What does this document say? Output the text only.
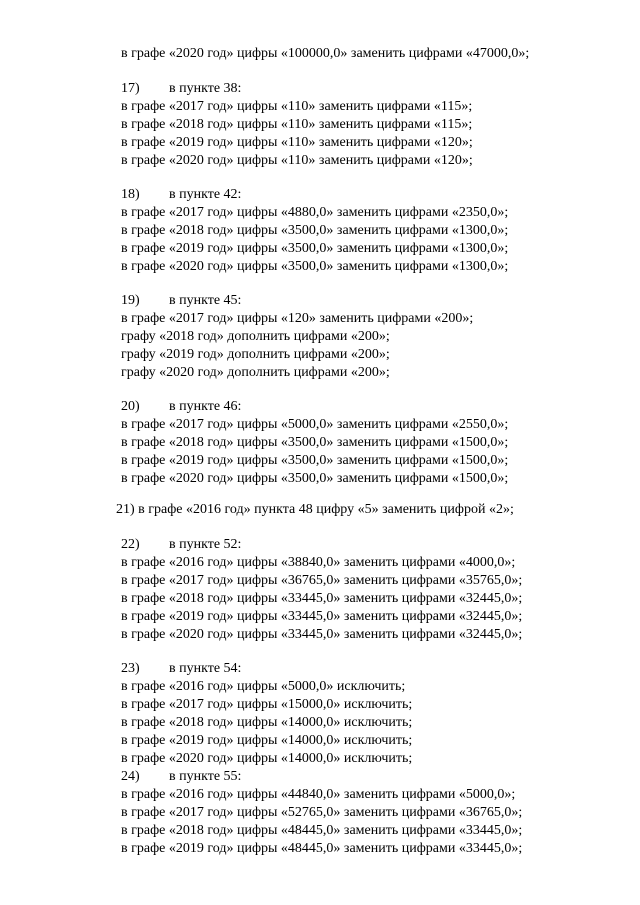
в графе «2020 год» цифры «100000,0» заменить цифрами «47000,0»;
17) в пункте 38:
в графе «2017 год» цифры «110» заменить цифрами «115»;
в графе «2018 год» цифры «110» заменить цифрами «115»;
в графе «2019 год» цифры «110» заменить цифрами «120»;
в графе «2020 год» цифры «110» заменить цифрами «120»;
18) в пункте 42:
в графе «2017 год» цифры «4880,0» заменить цифрами «2350,0»;
в графе «2018 год» цифры «3500,0» заменить цифрами «1300,0»;
в графе «2019 год» цифры «3500,0» заменить цифрами «1300,0»;
в графе «2020 год» цифры «3500,0» заменить цифрами «1300,0»;
19) в пункте 45:
в графе «2017 год» цифры «120» заменить цифрами «200»;
графу «2018 год» дополнить цифрами «200»;
графу «2019 год» дополнить цифрами «200»;
графу «2020 год» дополнить цифрами «200»;
20) в пункте 46:
в графе «2017 год» цифры «5000,0» заменить цифрами «2550,0»;
в графе «2018 год» цифры «3500,0» заменить цифрами «1500,0»;
в графе «2019 год» цифры «3500,0» заменить цифрами «1500,0»;
в графе «2020 год» цифры «3500,0» заменить цифрами «1500,0»;
21) в графе «2016 год» пункта 48 цифру «5» заменить цифрой «2»;
22) в пункте 52:
в графе «2016 год» цифры «38840,0» заменить цифрами «4000,0»;
в графе «2017 год» цифры «36765,0» заменить цифрами «35765,0»;
в графе «2018 год» цифры «33445,0» заменить цифрами «32445,0»;
в графе «2019 год» цифры «33445,0» заменить цифрами «32445,0»;
в графе «2020 год» цифры «33445,0» заменить цифрами «32445,0»;
23) в пункте 54:
в графе «2016 год» цифры «5000,0» исключить;
в графе «2017 год» цифры «15000,0» исключить;
в графе «2018 год» цифры «14000,0» исключить;
в графе «2019 год» цифры «14000,0» исключить;
в графе «2020 год» цифры «14000,0» исключить;
24) в пункте 55:
в графе «2016 год» цифры «44840,0» заменить цифрами «5000,0»;
в графе «2017 год» цифры «52765,0» заменить цифрами «36765,0»;
в графе «2018 год» цифры «48445,0» заменить цифрами «33445,0»;
в графе «2019 год» цифры «48445,0» заменить цифрами «33445,0»;
